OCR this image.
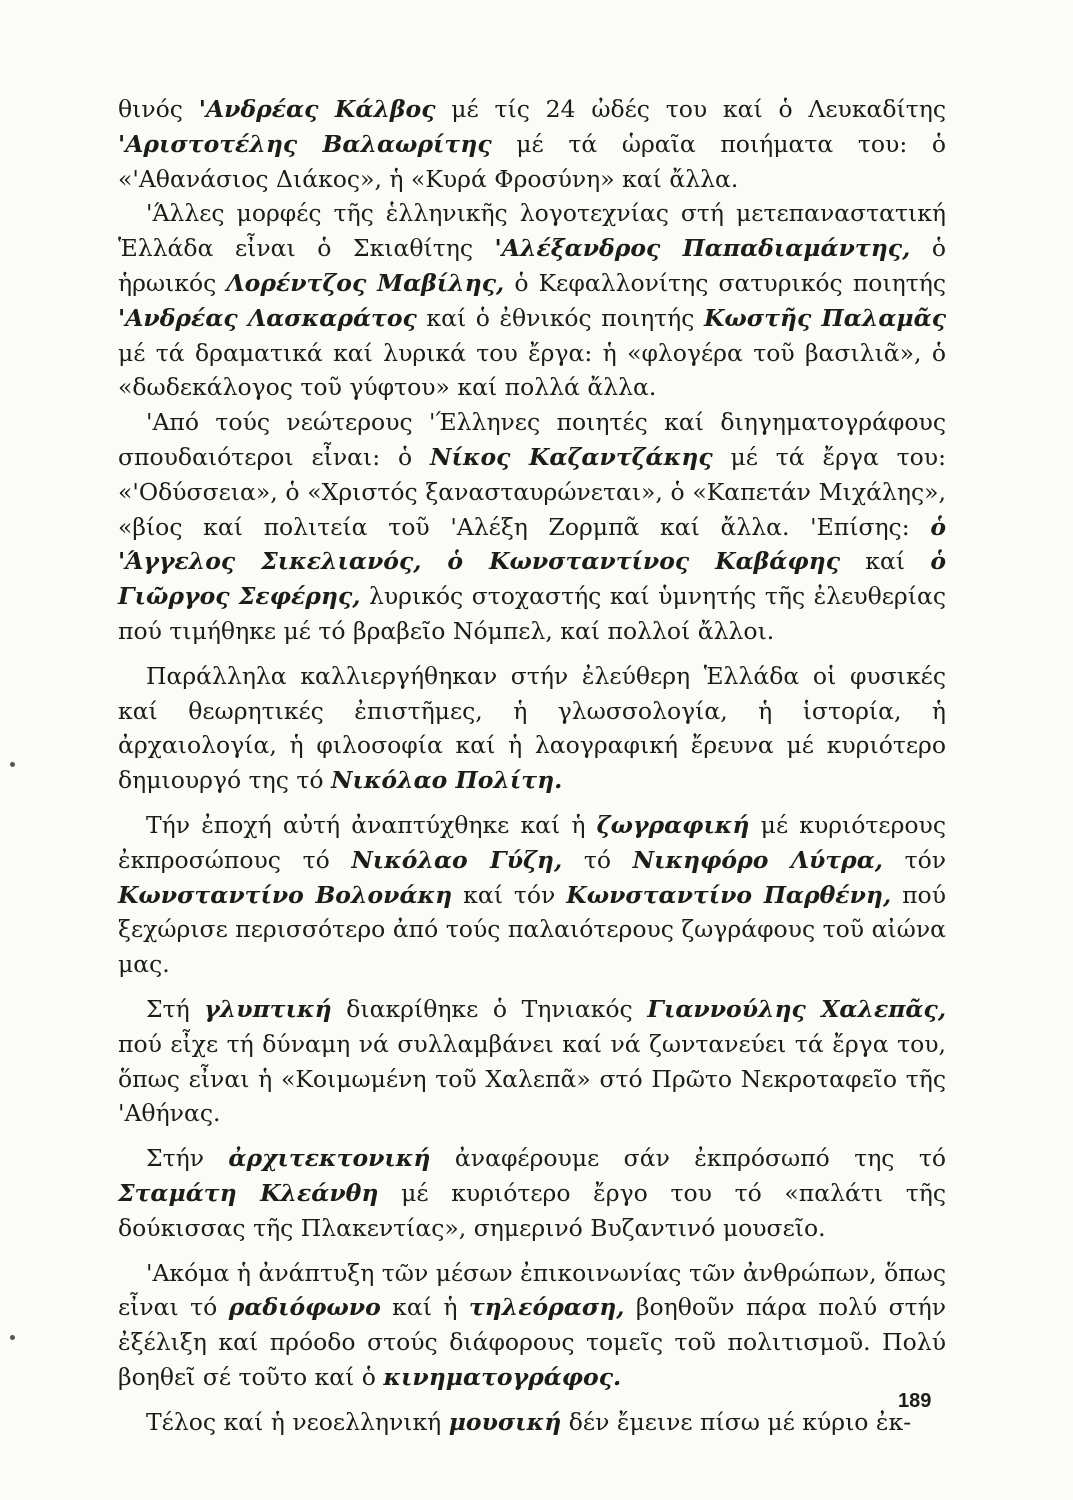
θινός 'Ανδρέας Κάλβος μέ τίς 24 ὠδές του καί ὁ Λευκαδίτης 'Αριστοτέλης Βαλαωρίτης μέ τά ὡραῖα ποιήματα του: ὁ «'Αθανάσιος Διάκος», ἡ «Κυρά Φροσύνη» καί ἄλλα.

'Άλλες μορφές τῆς ἑλληνικῆς λογοτεχνίας στή μετεπαναστατική Ἑλλάδα εἶναι ὁ Σκιαθίτης 'Αλέξανδρος Παπαδιαμάντης, ὁ ἡρωικός Λορέντζος Μαβίλης, ὁ Κεφαλλονίτης σατυρικός ποιητής 'Ανδρέας Λασκαράτος καί ὁ ἐθνικός ποιητής Κωστῆς Παλαμᾶς μέ τά δραματικά καί λυρικά του ἔργα: ἡ «φλογέρα τοῦ βασιλιᾶ», ὁ «δωδεκάλογος τοῦ γύφτου» καί πολλά ἄλλα.

'Από τούς νεώτερους 'Έλληνες ποιητές καί διηγηματογράφους σπουδαιότεροι εἶναι: ὁ Νίκος Καζαντζάκης μέ τά ἔργα του: «'Οδύσσεια», ὁ «Χριστός ξανασταυρώνεται», ὁ «Καπετάν Μιχάλης», «βίος καί πολιτεία τοῦ 'Αλέξη Ζορμπᾶ καί ἄλλα. 'Επίσης: ὁ 'Άγγελος Σικελιανός, ὁ Κωνσταντίνος Καβάφης καί ὁ Γιῶργος Σεφέρης, λυρικός στοχαστής καί ὑμνητής τῆς ἐλευθερίας πού τιμήθηκε μέ τό βραβεῖο Νόμπελ, καί πολλοί ἄλλοι.

Παράλληλα καλλιεργήθηκαν στήν ἐλεύθερη Ἑλλάδα οἱ φυσικές καί θεωρητικές ἐπιστῆμες, ἡ γλωσσολογία, ἡ ἱστορία, ἡ ἀρχαιολογία, ἡ φιλοσοφία καί ἡ λαογραφική ἔρευνα μέ κυριότερο δημιουργό της τό Νικόλαο Πολίτη.

Τήν ἐποχή αὐτή ἀναπτύχθηκε καί ἡ ζωγραφική μέ κυριότερους ἐκπροσώπους τό Νικόλαο Γύζη, τό Νικηφόρο Λύτρα, τόν Κωνσταντίνο Βολονάκη καί τόν Κωνσταντίνο Παρθένη, πού ξεχώρισε περισσότερο ἀπό τούς παλαιότερους ζωγράφους τοῦ αἰώνα μας.

Στή γλυπτική διακρίθηκε ὁ Τηνιακός Γιαννούλης Χαλεπᾶς, πού εἶχε τή δύναμη νά συλλαμβάνει καί νά ζωντανεύει τά ἔργα του, ὅπως εἶναι ἡ «Κοιμωμένη τοῦ Χαλεπᾶ» στό Πρῶτο Νεκροταφεῖο τῆς 'Αθήνας.

Στήν ἀρχιτεκτονική ἀναφέρουμε σάν ἐκπρόσωπό της τό Σταμάτη Κλεάνθη μέ κυριότερο ἔργο του τό «παλάτι τῆς δούκισσας τῆς Πλακεντίας», σημερινό Βυζαντινό μουσεῖο.

'Ακόμα ἡ ἀνάπτυξη τῶν μέσων ἐπικοινωνίας τῶν ἀνθρώπων, ὅπως εἶναι τό ραδιόφωνο καί ἡ τηλεόραση, βοηθοῦν πάρα πολύ στήν ἐξέλιξη καί πρόοδο στούς διάφορους τομεῖς τοῦ πολιτισμοῦ. Πολύ βοηθεῖ σέ τοῦτο καί ὁ κινηματογράφος.

Τέλος καί ἡ νεοελληνική μουσική δέν ἔμεινε πίσω μέ κύριο ἐκ-

189
